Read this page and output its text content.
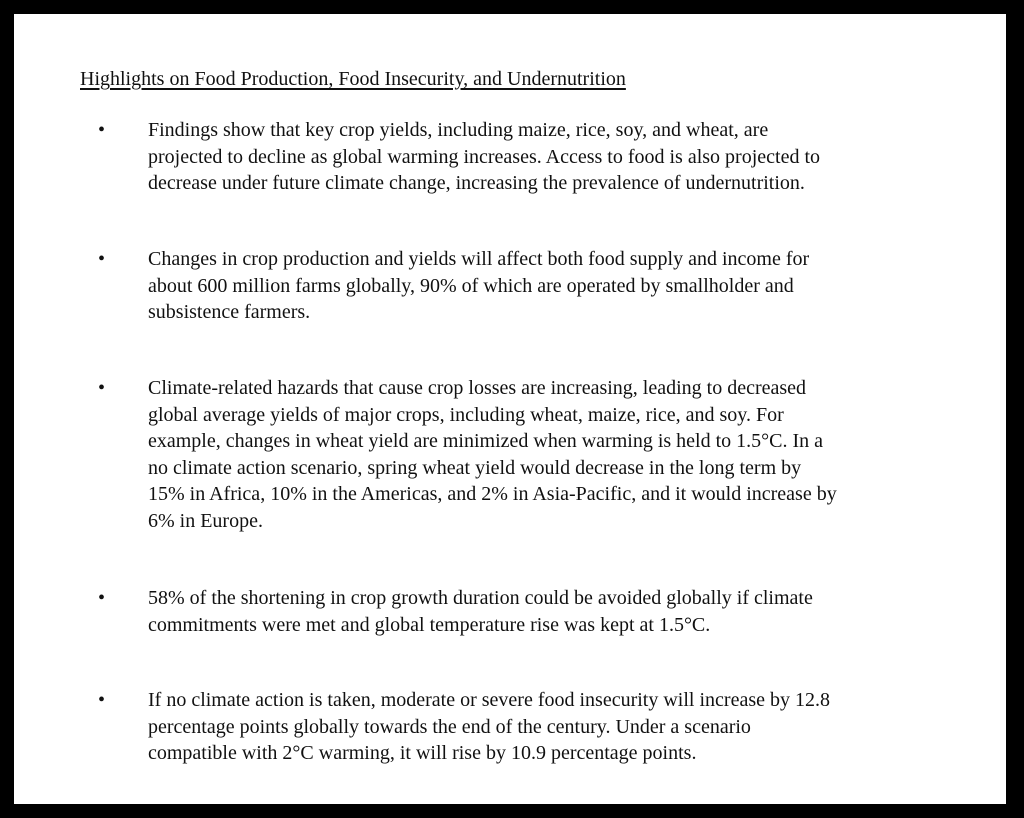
Highlights on Food Production, Food Insecurity, and Undernutrition
• Findings show that key crop yields, including maize, rice, soy, and wheat, are
projected to decline as global warming increases. Access to food is also projected to
decrease under future climate change, increasing the prevalence of undernutrition.

• Changes in crop production and yields will affect both food supply and income for
about 600 million farms globally, 90% of which are operated by smallholder and
subsistence farmers.

• Climate-related hazards that cause crop losses are increasing, leading to decreased
global average yields of major crops, including wheat, maize, rice, and soy. For
example, changes in wheat yield are minimized when warming is held to 1.5°C. In a
no climate action scenario, spring wheat yield would decrease in the long term by
15% in Africa, 10% in the Americas, and 2% in Asia-Pacific, and it would increase by
6% in Europe.

• 58% of the shortening in crop growth duration could be avoided globally if climate
commitments were met and global temperature rise was kept at 1.5°C.

• If no climate action is taken, moderate or severe food insecurity will increase by 12.8
percentage points globally towards the end of the century. Under a scenario
compatible with 2°C warming, it will rise by 10.9 percentage points.
